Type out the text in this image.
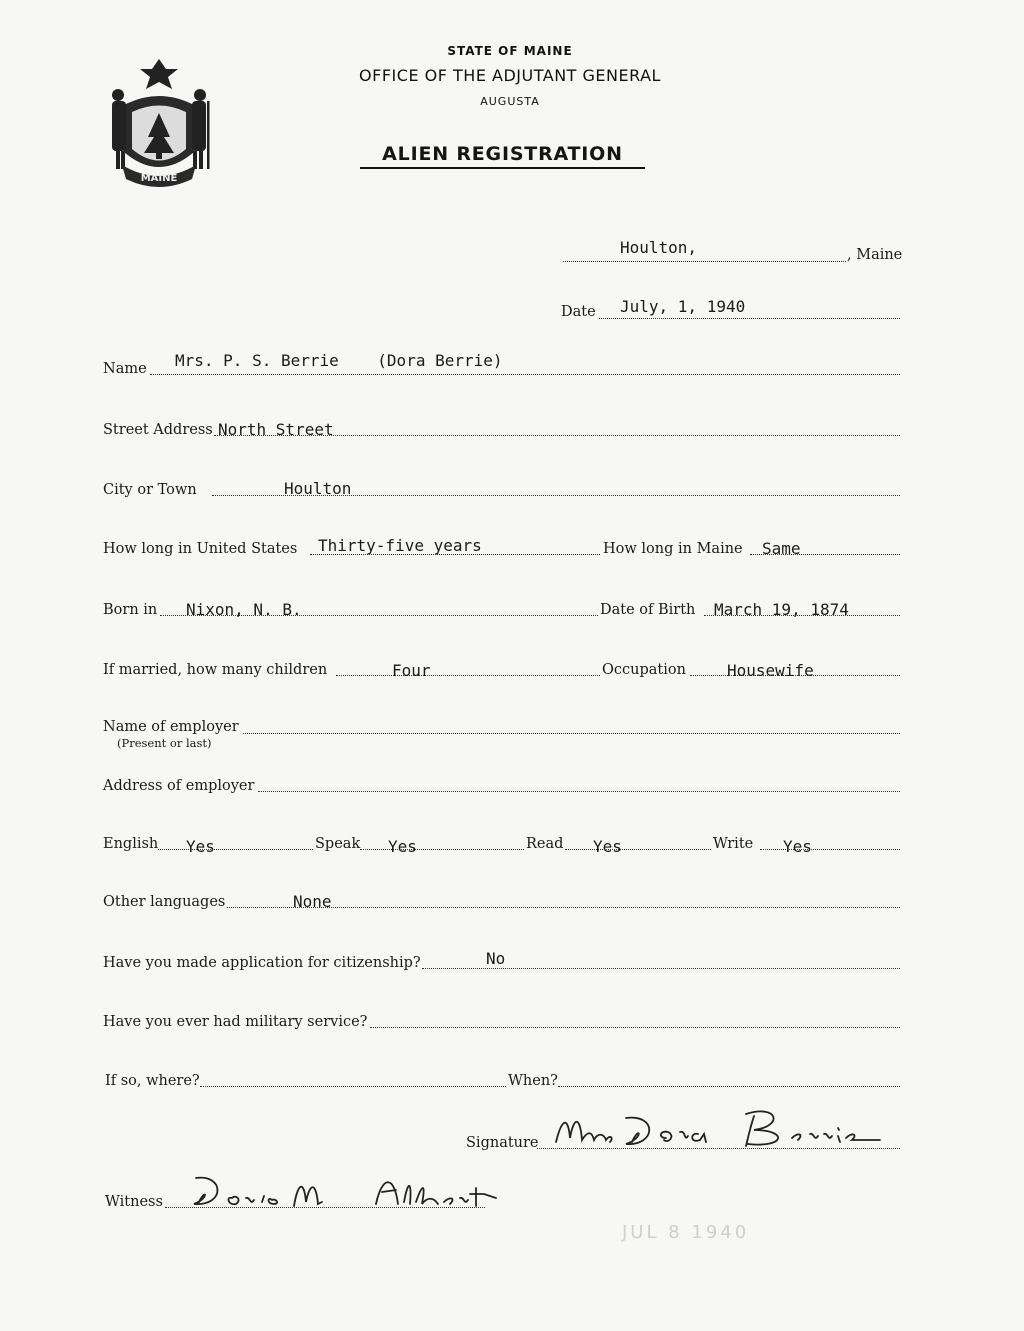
MAINE
STATE OF MAINE
OFFICE OF THE ADJUTANT GENERAL
AUGUSTA
ALIEN REGISTRATION
Houlton,	, Maine
Date July, 1, 1940
Name Mrs. P. S. Berrie    (Dora Berrie)
Street Address North Street
City or Town	Houlton
How long in United States Thirty-five years	How long in Maine Same
Born in Nixon, N. B.	Date of Birth March 19, 1874
If married, how many children	Four	Occupation	Housewife
Name of employer
(Present or last)
Address of employer
English Yes	Speak Yes	Read Yes	Write Yes
Other languages	None
Have you made application for citizenship?	No
Have you ever had military service?
If so, where?	When?
Signature
Witness
JUL 8 1940
